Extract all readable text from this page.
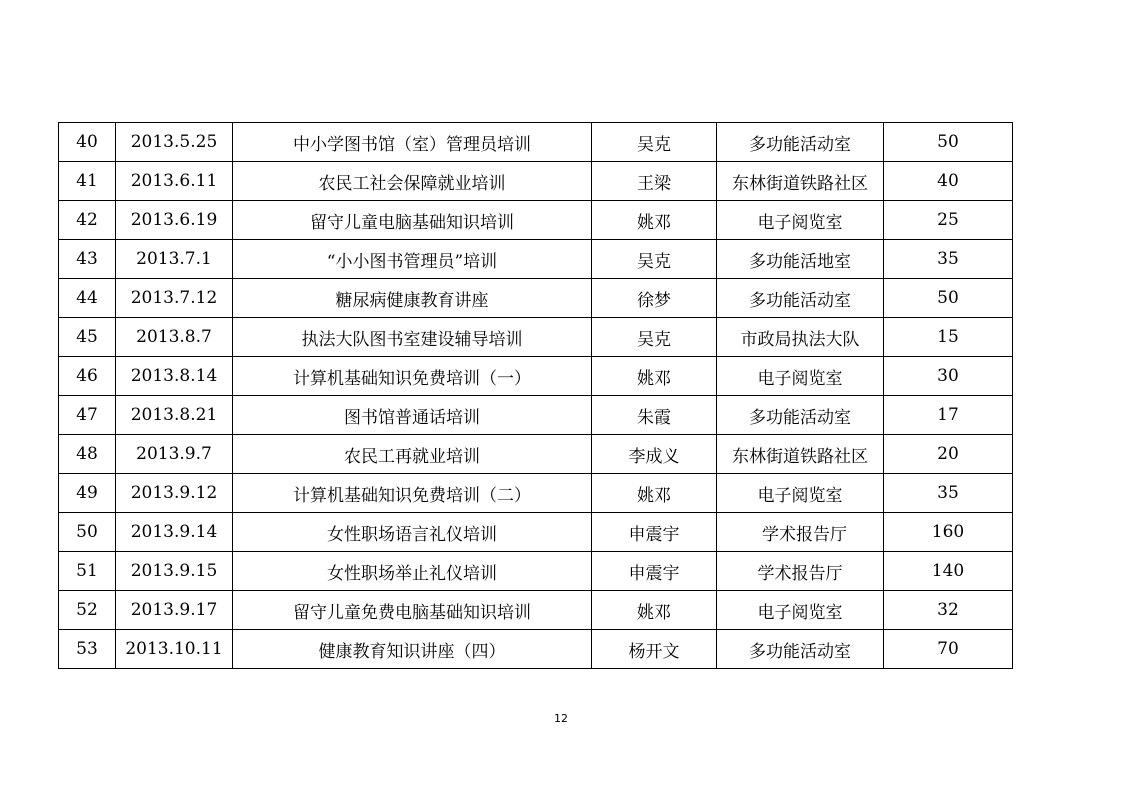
40	2013.5.25	中小学图书馆（室）管理员培训	吴克	多功能活动室	50
41	2013.6.11	农民工社会保障就业培训	王梁	东林街道铁路社区	40
42	2013.6.19	留守儿童电脑基础知识培训	姚邓	电子阅览室	25
43	2013.7.1	“小小图书管理员”培训	吴克	多功能活地室	35
44	2013.7.12	糖尿病健康教育讲座	徐梦	多功能活动室	50
45	2013.8.7	执法大队图书室建设辅导培训	吴克	市政局执法大队	15
46	2013.8.14	计算机基础知识免费培训（一）	姚邓	电子阅览室	30
47	2013.8.21	图书馆普通话培训	朱霞	多功能活动室	17
48	2013.9.7	农民工再就业培训	李成义	东林街道铁路社区	20
49	2013.9.12	计算机基础知识免费培训（二）	姚邓	电子阅览室	35
50	2013.9.14	女性职场语言礼仪培训	申震宇	学术报告厅	160
51	2013.9.15	女性职场举止礼仪培训	申震宇	学术报告厅	140
52	2013.9.17	留守儿童免费电脑基础知识培训	姚邓	电子阅览室	32
53	2013.10.11	健康教育知识讲座（四）	杨开文	多功能活动室	70
12
